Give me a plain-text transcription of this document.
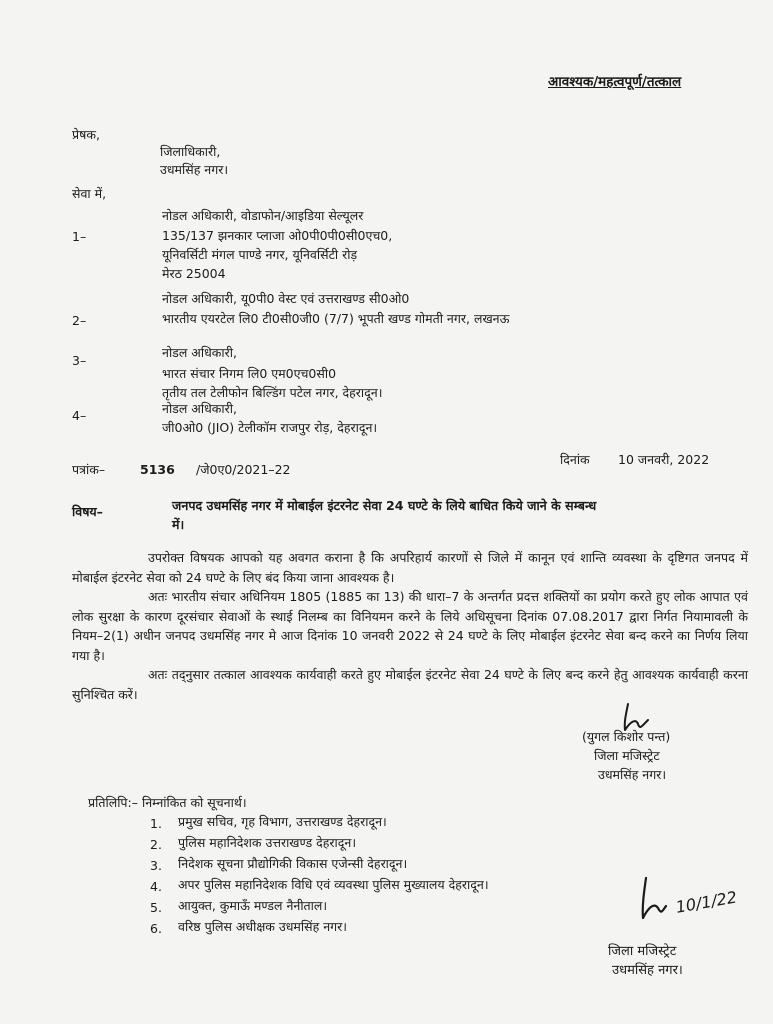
आवश्यक/महत्वपूर्ण/तत्काल
प्रेषक,
जिलाधिकारी,
उधमसिंह नगर।
सेवा में,
1–
नोडल अधिकारी, वोडाफोन/आइडिया सेल्यूलर
135/137 झनकार प्लाजा ओ0पी0पी0सी0एच0,
यूनिवर्सिटी मंगल पाण्डे नगर, यूनिवर्सिटी रोड़
मेरठ 25004
2–
नोडल अधिकारी, यू0पी0 वेस्ट एवं उत्तराखण्ड सी0ओ0
भारतीय एयरटेल लि0 टी0सी0जी0 (7/7) भूपती खण्ड गोमती नगर, लखनऊ
3–
नोडल अधिकारी,
भारत संचार निगम लि0 एम0एच0सी0
तृतीय तल टेलीफोन बिल्डिंग पटेल नगर, देहरादून।
4–	नोडल अधिकारी,
जी0ओ0 (JIO) टेलीकॉम राजपुर रोड़, देहरादून।
पत्रांक–	5136 /जे0ए0/2021–22
दिनांक 10 जनवरी, 2022
विषय–	जनपद उधमसिंह नगर में मोबाईल इंटरनेट सेवा 24 घण्टे के लिये बाधित किये जाने के सम्बन्ध
में।
उपरोक्त विषयक आपको यह अवगत कराना है कि अपरिहार्य कारणों से जिले में कानून एवं शान्ति व्यवस्था के दृष्टिगत जनपद में मोबाईल इंटरनेट सेवा को 24 घण्टे के लिए बंद किया जाना आवश्यक है।
अतः भारतीय संचार अधिनियम 1805 (1885 का 13) की धारा–7 के अन्तर्गत प्रदत्त शक्तियों का प्रयोग करते हुए लोक आपात एवं लोक सुरक्षा के कारण दूरसंचार सेवाओं के स्थाई निलम्ब का विनियमन करने के लिये अधिसूचना दिनांक 07.08.2017 द्वारा निर्गत नियामावली के नियम–2(1) अधीन जनपद उधमसिंह नगर मे आज दिनांक 10 जनवरी 2022 से 24 घण्टे के लिए मोबाईल इंटरनेट सेवा बन्द करने का निर्णय लिया गया है।
अतः तद्नुसार तत्काल आवश्यक कार्यवाही करते हुए मोबाईल इंटरनेट सेवा 24 घण्टे के लिए बन्द करने हेतु आवश्यक कार्यवाही करना सुनिश्चित करें।
(युगल किशोर पन्त)
जिला मजिस्ट्रेट
उधमसिंह नगर।
प्रतिलिपि:– निम्नांकित को सूचनार्थ।
1. प्रमुख सचिव, गृह विभाग, उत्तराखण्ड देहरादून।
2. पुलिस महानिदेशक उत्तराखण्ड देहरादून।
3. निदेशक सूचना प्रौद्योगिकी विकास एजेन्सी देहरादून।
4. अपर पुलिस महानिदेशक विधि एवं व्यवस्था पुलिस मुख्यालय देहरादून।
5. आयुक्त, कुमाऊँ मण्डल नैनीताल।
6. वरिष्ठ पुलिस अधीक्षक उधमसिंह नगर।
10/1/22
जिला मजिस्ट्रेट
उधमसिंह नगर।
